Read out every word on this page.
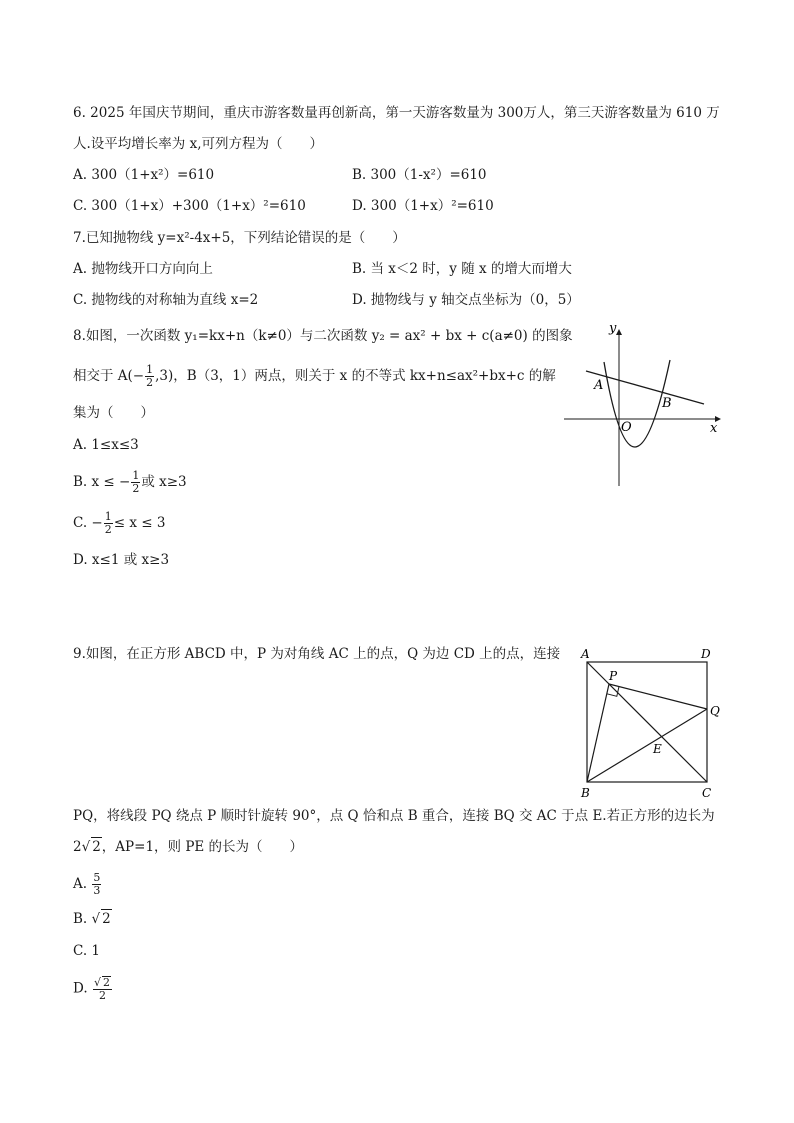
6. 2025 年国庆节期间，重庆市游客数量再创新高，第一天游客数量为 300万人，第三天游客数量为 610 万
人.设平均增长率为 x,可列方程为（　　）
A. 300（1+x²）=610	B. 300（1-x²）=610
C. 300（1+x）+300（1+x）²=610	D. 300（1+x）²=610
7.已知抛物线 y=x²-4x+5，下列结论错误的是（　　）
A. 抛物线开口方向向上	B. 当 x＜2 时，y 随 x 的增大而增大
C. 抛物线的对称轴为直线 x=2	D. 抛物线与 y 轴交点坐标为（0，5）
8.如图，一次函数 y₁=kx+n（k≠0）与二次函数 y₂ = ax² + bx + c(a≠0) 的图象
相交于 $A(- \frac{1}{2} ,3)$，B（3，1）两点，则关于 x 的不等式 kx+n≤ax²+bx+c 的解
集为（　　）
A. 1≤x≤3
B. x ≤ − $\frac{1}{2}$ 或 x≥3
C. − $\frac{1}{2} \le x \le 3$
D. x≤1 或 x≥3
y
x
O
A
B
9.如图，在正方形 ABCD 中，P 为对角线 AC 上的点，Q 为边 CD 上的点，连接
PQ，将线段 PQ 绕点 P 顺时针旋转 90°，点 Q 恰和点 B 重合，连接 BQ 交 AC 于点 E.若正方形的边长为
2√ 2，AP=1，则 PE 的长为（　　）
A. $\frac{5}{3}$
B. √ 2
C. 1
D. $\frac{√ 2}{2}$
A	D
P
Q
E
B	C
